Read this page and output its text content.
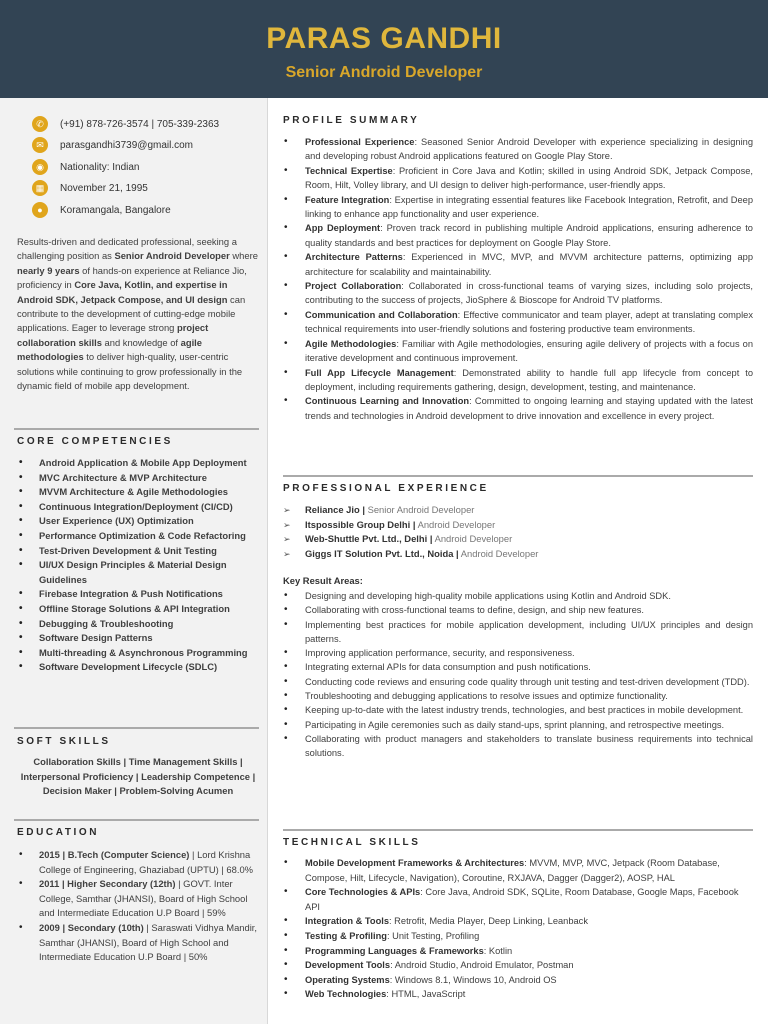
PARAS GANDHI
Senior Android Developer
✆	(+91) 878-726-3574 | 705-339-2363
✉	parasgandhi3739@gmail.com
◉	Nationality: Indian
▦	November 21, 1995
●	Koramangala, Bangalore

Results-driven and dedicated professional, seeking a challenging position as Senior Android Developer where nearly 9 years of hands-on experience at Reliance Jio, proficiency in Core Java, Kotlin, and expertise in Android SDK, Jetpack Compose, and UI design can contribute to the development of cutting-edge mobile applications. Eager to leverage strong project collaboration skills and knowledge of agile methodologies to deliver high-quality, user-centric solutions while continuing to grow professionally in the dynamic field of mobile app development.

CORE COMPETENCIES
• Android Application & Mobile App Deployment
• MVC Architecture & MVP Architecture
• MVVM Architecture & Agile Methodologies
• Continuous Integration/Deployment (CI/CD)
• User Experience (UX) Optimization
• Performance Optimization & Code Refactoring
• Test-Driven Development & Unit Testing
• UI/UX Design Principles & Material Design Guidelines
• Firebase Integration & Push Notifications
• Offline Storage Solutions & API Integration
• Debugging & Troubleshooting
• Software Design Patterns
• Multi-threading & Asynchronous Programming
• Software Development Lifecycle (SDLC)
SOFT SKILLS

Collaboration Skills | Time Management Skills | Interpersonal Proficiency | Leadership Competence | Decision Maker | Problem-Solving Acumen

EDUCATION
• 2015 | B.Tech (Computer Science) | Lord Krishna College of Engineering, Ghaziabad (UPTU) | 68.0%
• 2011 | Higher Secondary (12th) | GOVT. Inter College, Samthar (JHANSI), Board of High School and Intermediate Education U.P Board | 59%
• 2009 | Secondary (10th) | Saraswati Vidhya Mandir, Samthar (JHANSI), Board of High School and Intermediate Education U.P Board | 50%
PROFILE SUMMARY
• Professional Experience: Seasoned Senior Android Developer with experience specializing in designing and developing robust Android applications featured on Google Play Store.
• Technical Expertise: Proficient in Core Java and Kotlin; skilled in using Android SDK, Jetpack Compose, Room, Hilt, Volley library, and UI design to deliver high-performance, user-friendly apps.
• Feature Integration: Expertise in integrating essential features like Facebook Integration, Retrofit, and Deep linking to enhance app functionality and user experience.
• App Deployment: Proven track record in publishing multiple Android applications, ensuring adherence to quality standards and best practices for deployment on Google Play Store.
• Architecture Patterns: Experienced in MVC, MVP, and MVVM architecture patterns, optimizing app architecture for scalability and maintainability.
• Project Collaboration: Collaborated in cross-functional teams of varying sizes, including solo projects, contributing to the success of projects, JioSphere & Bioscope for Android TV platforms.
• Communication and Collaboration: Effective communicator and team player, adept at translating complex technical requirements into user-friendly solutions and fostering productive team environments.
• Agile Methodologies: Familiar with Agile methodologies, ensuring agile delivery of projects with a focus on iterative development and continuous improvement.
• Full App Lifecycle Management: Demonstrated ability to handle full app lifecycle from concept to deployment, including requirements gathering, design, development, testing, and maintenance.
• Continuous Learning and Innovation: Committed to ongoing learning and staying updated with the latest trends and technologies in Android development to drive innovation and excellence in every project.
PROFESSIONAL EXPERIENCE
➢ Reliance Jio | Senior Android Developer
➢ Itspossible Group Delhi | Android Developer
➢ Web-Shuttle Pvt. Ltd., Delhi | Android Developer
➢ Giggs IT Solution Pvt. Ltd., Noida | Android Developer
Key Result Areas:
• Designing and developing high-quality mobile applications using Kotlin and Android SDK.
• Collaborating with cross-functional teams to define, design, and ship new features.
• Implementing best practices for mobile application development, including UI/UX principles and design patterns.
• Improving application performance, security, and responsiveness.
• Integrating external APIs for data consumption and push notifications.
• Conducting code reviews and ensuring code quality through unit testing and test-driven development (TDD).
• Troubleshooting and debugging applications to resolve issues and optimize functionality.
• Keeping up-to-date with the latest industry trends, technologies, and best practices in mobile development.
• Participating in Agile ceremonies such as daily stand-ups, sprint planning, and retrospective meetings.
• Collaborating with product managers and stakeholders to translate business requirements into technical solutions.
TECHNICAL SKILLS
• Mobile Development Frameworks & Architectures: MVVM, MVP, MVC, Jetpack (Room Database, Compose, Hilt, Lifecycle, Navigation), Coroutine, RXJAVA, Dagger (Dagger2), AOSP, HAL
• Core Technologies & APIs: Core Java, Android SDK, SQLite, Room Database, Google Maps, Facebook API
• Integration & Tools: Retrofit, Media Player, Deep Linking, Leanback
• Testing & Profiling: Unit Testing, Profiling
• Programming Languages & Frameworks: Kotlin
• Development Tools: Android Studio, Android Emulator, Postman
• Operating Systems: Windows 8.1, Windows 10, Android OS
• Web Technologies: HTML, JavaScript
